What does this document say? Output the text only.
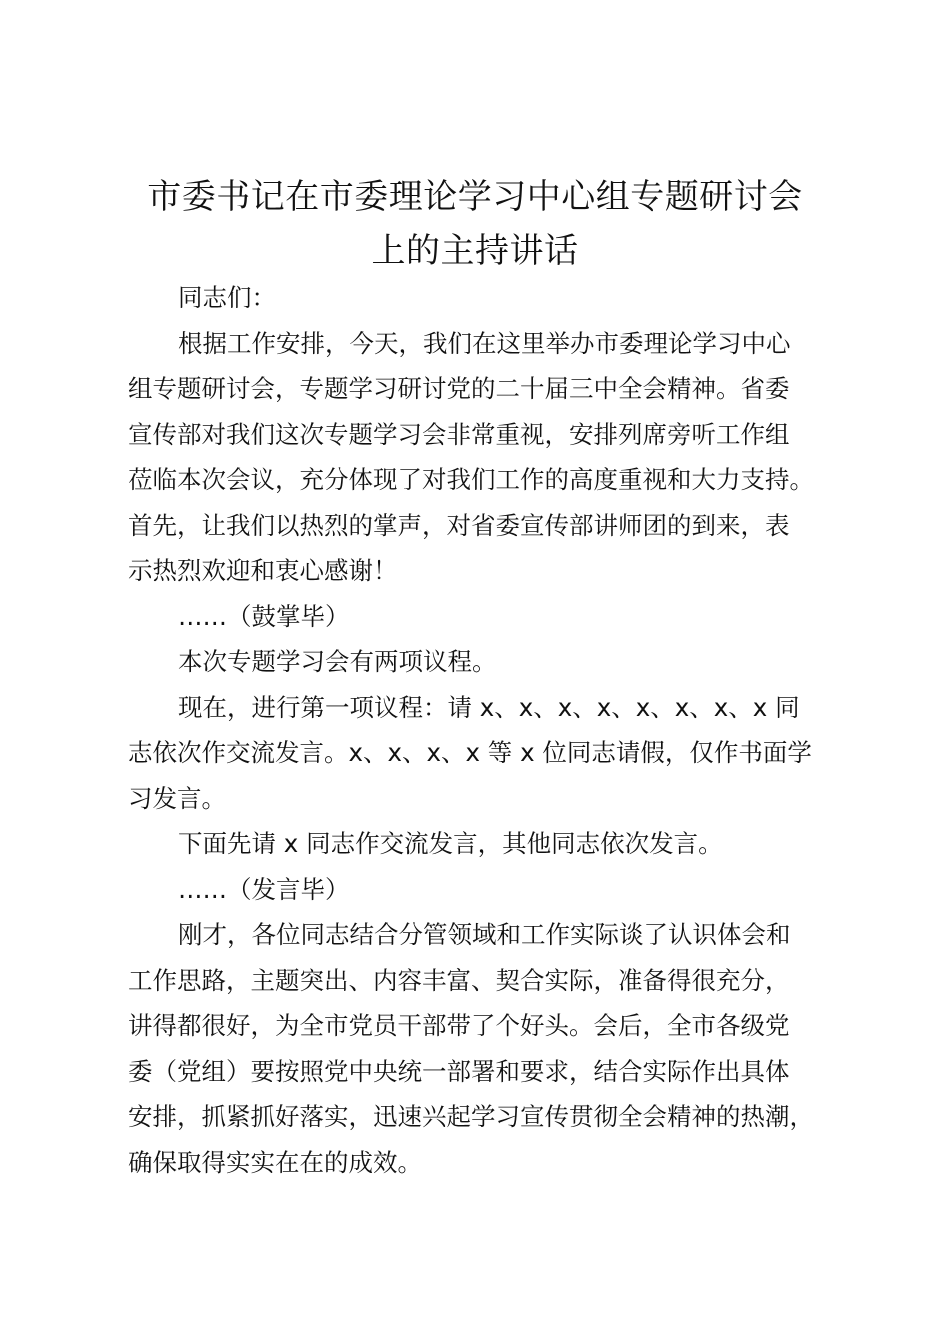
市委书记在市委理论学习中心组专题研讨会
上的主持讲话
同志们：
根据工作安排，今天，我们在这里举办市委理论学习中心
组专题研讨会，专题学习研讨党的二十届三中全会精神。省委
宣传部对我们这次专题学习会非常重视，安排列席旁听工作组
莅临本次会议，充分体现了对我们工作的高度重视和大力支持。
首先，让我们以热烈的掌声，对省委宣传部讲师团的到来，表
示热烈欢迎和衷心感谢！
……（鼓掌毕）
本次专题学习会有两项议程。
现在，进行第一项议程：请 x、x、x、x、x、x、x、x 同
志依次作交流发言。x、x、x、x 等 x 位同志请假，仅作书面学
习发言。
下面先请 x 同志作交流发言，其他同志依次发言。
……（发言毕）
刚才，各位同志结合分管领域和工作实际谈了认识体会和
工作思路，主题突出、内容丰富、契合实际，准备得很充分，
讲得都很好，为全市党员干部带了个好头。会后，全市各级党
委（党组）要按照党中央统一部署和要求，结合实际作出具体
安排，抓紧抓好落实，迅速兴起学习宣传贯彻全会精神的热潮，
确保取得实实在在的成效。
